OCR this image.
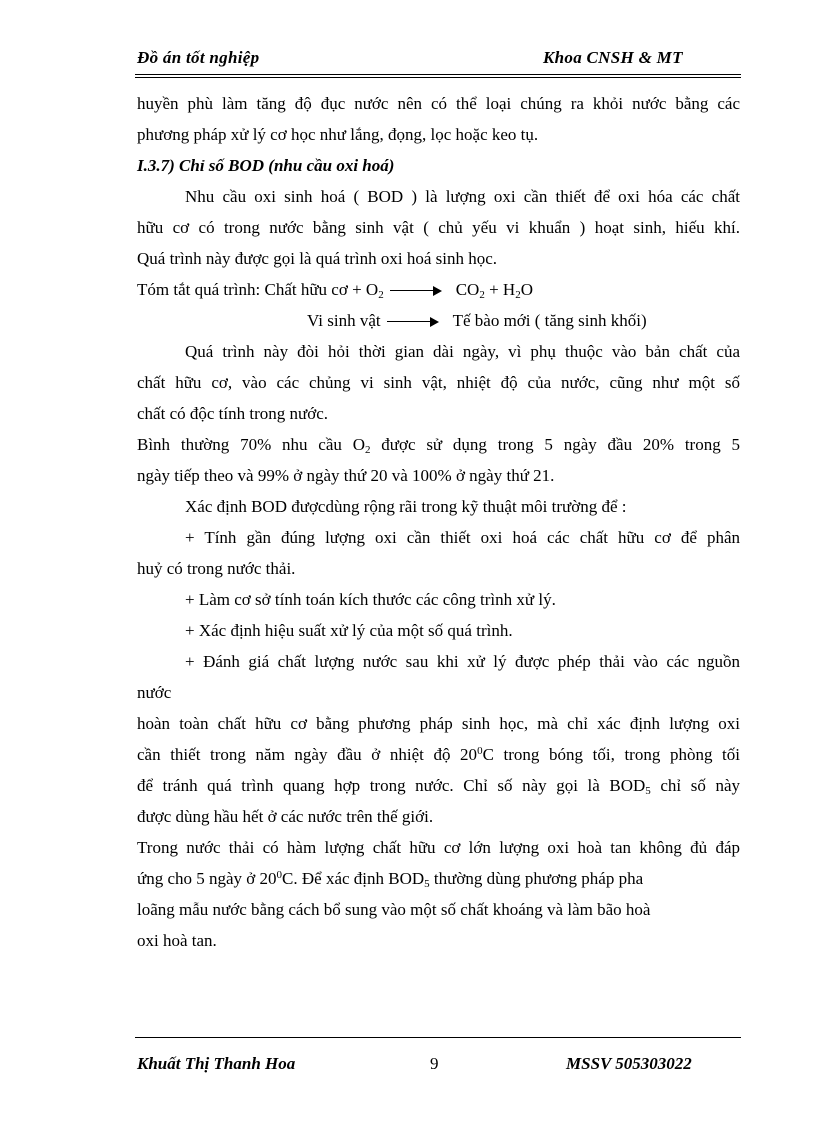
Đồ án tốt nghiệp	Khoa CNSH & MT
huyền phù làm tăng độ đục nước nên có thể loại chúng ra khỏi nước bằng các
phương pháp xử lý cơ học như lắng, đọng, lọc hoặc keo tụ.
I.3.7) Chỉ số BOD (nhu cầu oxi hoá)
Nhu cầu oxi sinh hoá ( BOD ) là lượng oxi cần thiết để oxi hóa các chất
hữu cơ có trong nước bằng sinh vật ( chủ yếu vi khuẩn ) hoạt sinh, hiếu khí.
Quá trình này được gọi là quá trình oxi hoá sinh học.
Tóm tắt quá trình: Chất hữu cơ + $O_2$	$CO_2 + H_2O$
Vi sinh vật	Tế bào mới ( tăng sinh khối)
Quá trình này đòi hỏi thời gian dài ngày, vì phụ thuộc vào bản chất của
chất hữu cơ, vào các chủng vi sinh vật, nhiệt độ của nước, cũng như một số
chất có độc tính trong nước.
Bình thường 70% nhu cầu $O_2$ được sử dụng trong 5 ngày đầu 20% trong 5
ngày tiếp theo và 99% ở ngày thứ 20 và 100% ở ngày thứ 21.
Xác định BOD đượcdùng rộng rãi trong kỹ thuật môi trường để :
+ Tính gần đúng lượng oxi cần thiết oxi hoá các chất hữu cơ để phân
huỷ có trong nước thải.
+ Làm cơ sở tính toán kích thước các công trình xử lý.
+ Xác định hiệu suất xử lý của một số quá trình.
+ Đánh giá chất lượng nước sau khi xử lý được phép thải vào các nguồn
nước
hoàn toàn chất hữu cơ bằng phương pháp sinh học, mà chỉ xác định lượng oxi
cần thiết trong năm ngày đầu ở nhiệt độ $20^0C$ trong bóng tối, trong phòng tối
để tránh quá trình quang hợp trong nước. Chỉ số này gọi là $BOD_5$ chỉ số này
được dùng hầu hết ở các nước trên thế giới.
Trong nước thải có hàm lượng chất hữu cơ lớn lượng oxi hoà tan không đủ đáp
ứng cho 5 ngày ở $20^0C$. Để xác định $BOD_5$ thường dùng phương pháp pha
loãng mẫu nước bằng cách bổ sung vào một số chất khoáng và làm bão hoà
oxi hoà tan.
Khuất Thị Thanh Hoa	9	MSSV 505303022
